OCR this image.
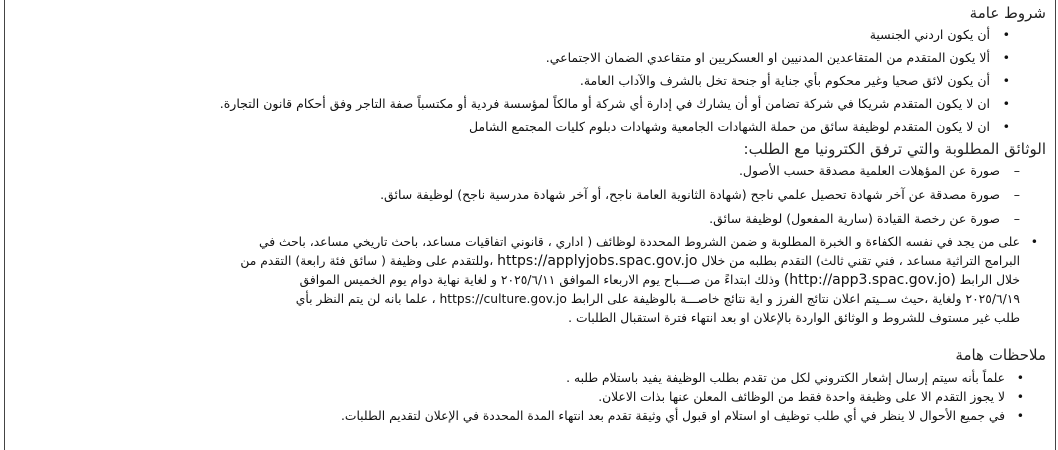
شروط عامة
•
أن يكون اردني الجنسية
•
ألا يكون المتقدم من المتقاعدين المدنيين او العسكريين او متقاعدي الضمان الاجتماعي.
•
أن يكون لائق صحيا وغير محكوم بأي جناية أو جنحة تخل بالشرف والآداب العامة.
•
ان لا يكون المتقدم شريكا في شركة تضامن أو أن يشارك في إدارة أي شركة أو مالكاً لمؤسسة فردية أو مكتسباً صفة التاجر وفق أحكام قانون التجارة.
•
ان لا يكون المتقدم لوظيفة سائق من حملة الشهادات الجامعية وشهادات دبلوم كليات المجتمع الشامل
الوثائق المطلوبة والتي ترفق الكترونيا مع الطلب:
–
صورة عن المؤهلات العلمية مصدقة حسب الأصول.
–
صورة مصدقة عن آخر شهادة تحصيل علمي ناجح (شهادة الثانوية العامة ناجح، أو آخر شهادة مدرسية ناجح) لوظيفة سائق.
–
صورة عن رخصة القيادة (سارية المفعول) لوظيفة سائق.
•
على من يجد في نفسه الكفاءة و الخبرة المطلوبة و ضمن الشروط المحددة لوظائف ( اداري ، قانوني اتفاقيات مساعد، باحث تاريخي مساعد، باحث في
البرامج التراثية مساعد ، فني تقني ثالث) التقدم بطلبه من خلال https://applyjobs.spac.gov.jo ،وللتقدم على وظيفة ( سائق فئة رابعة) التقدم من
خلال الرابط (http://app3.spac.gov.jo) وذلك ابتداءً من صـــباح يوم الاربعاء الموافق ٢٠٢٥/٦/١١ و لغاية نهاية دوام يوم الخميس الموافق
٢٠٢٥/٦/١٩ ولغاية ،حيث ســيتم اعلان نتائج الفرز و اية نتائج خاصـــة بالوظيفة على الرابط https://culture.gov.jo ، علما بانه لن يتم النظر بأي
طلب غير مستوف للشروط و الوثائق الواردة بالإعلان او بعد انتهاء فترة استقبال الطلبات .
ملاحظات هامة
•
علماً بأنه سيتم إرسال إشعار الكتروني لكل من تقدم بطلب الوظيفة يفيد باستلام طلبه .
•
لا يجوز التقدم الا على وظيفة واحدة فقط من الوظائف المعلن عنها بذات الاعلان.
•
في جميع الأحوال لا ينظر في أي طلب توظيف او استلام او قبول أي وثيقة تقدم بعد انتهاء المدة المحددة في الإعلان لتقديم الطلبات.
